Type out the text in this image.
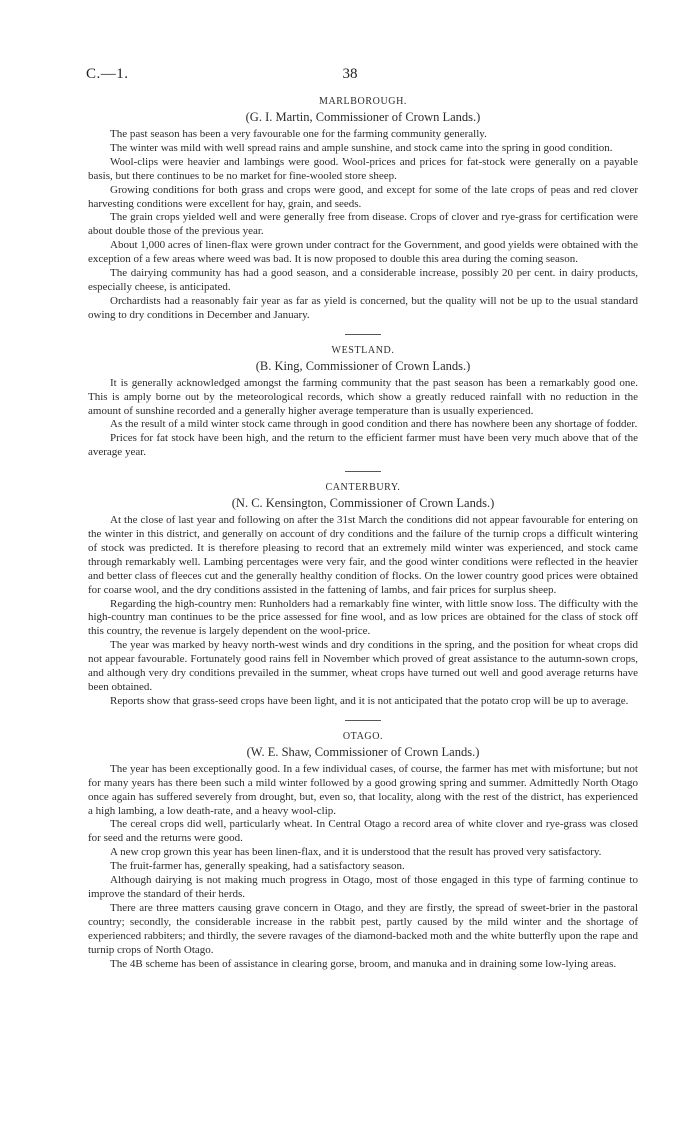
C.—1.	38
MARLBOROUGH.
(G. I. Martin, Commissioner of Crown Lands.)

The past season has been a very favourable one for the farming community generally.

The winter was mild with well spread rains and ample sunshine, and stock came into the spring in good condition.

Wool-clips were heavier and lambings were good. Wool-prices and prices for fat-stock were generally on a payable basis, but there continues to be no market for fine-wooled store sheep.

Growing conditions for both grass and crops were good, and except for some of the late crops of peas and red clover harvesting conditions were excellent for hay, grain, and seeds.

The grain crops yielded well and were generally free from disease. Crops of clover and rye-grass for certification were about double those of the previous year.

About 1,000 acres of linen-flax were grown under contract for the Government, and good yields were obtained with the exception of a few areas where weed was bad. It is now proposed to double this area during the coming season.

The dairying community has had a good season, and a considerable increase, possibly 20 per cent. in dairy products, especially cheese, is anticipated.

Orchardists had a reasonably fair year as far as yield is concerned, but the quality will not be up to the usual standard owing to dry conditions in December and January.

WESTLAND.
(B. King, Commissioner of Crown Lands.)

It is generally acknowledged amongst the farming community that the past season has been a remarkably good one. This is amply borne out by the meteorological records, which show a greatly reduced rainfall with no reduction in the amount of sunshine recorded and a generally higher average temperature than is usually experienced.

As the result of a mild winter stock came through in good condition and there has nowhere been any shortage of fodder.

Prices for fat stock have been high, and the return to the efficient farmer must have been very much above that of the average year.

CANTERBURY.
(N. C. Kensington, Commissioner of Crown Lands.)

At the close of last year and following on after the 31st March the conditions did not appear favourable for entering on the winter in this district, and generally on account of dry conditions and the failure of the turnip crops a difficult wintering of stock was predicted. It is therefore pleasing to record that an extremely mild winter was experienced, and stock came through remarkably well. Lambing percentages were very fair, and the good winter conditions were reflected in the heavier and better class of fleeces cut and the generally healthy condition of flocks. On the lower country good prices were obtained for coarse wool, and the dry conditions assisted in the fattening of lambs, and fair prices for surplus sheep.

Regarding the high-country men: Runholders had a remarkably fine winter, with little snow loss. The difficulty with the high-country man continues to be the price assessed for fine wool, and as low prices are obtained for the class of stock off this country, the revenue is largely dependent on the wool-price.

The year was marked by heavy north-west winds and dry conditions in the spring, and the position for wheat crops did not appear favourable. Fortunately good rains fell in November which proved of great assistance to the autumn-sown crops, and although very dry conditions prevailed in the summer, wheat crops have turned out well and good average returns have been obtained.

Reports show that grass-seed crops have been light, and it is not anticipated that the potato crop will be up to average.

OTAGO.
(W. E. Shaw, Commissioner of Crown Lands.)

The year has been exceptionally good. In a few individual cases, of course, the farmer has met with misfortune; but not for many years has there been such a mild winter followed by a good growing spring and summer. Admittedly North Otago once again has suffered severely from drought, but, even so, that locality, along with the rest of the district, has experienced a high lambing, a low death-rate, and a heavy wool-clip.

The cereal crops did well, particularly wheat. In Central Otago a record area of white clover and rye-grass was closed for seed and the returns were good.

A new crop grown this year has been linen-flax, and it is understood that the result has proved very satisfactory.

The fruit-farmer has, generally speaking, had a satisfactory season.

Although dairying is not making much progress in Otago, most of those engaged in this type of farming continue to improve the standard of their herds.

There are three matters causing grave concern in Otago, and they are firstly, the spread of sweet-brier in the pastoral country; secondly, the considerable increase in the rabbit pest, partly caused by the mild winter and the shortage of experienced rabbiters; and thirdly, the severe ravages of the diamond-backed moth and the white butterfly upon the rape and turnip crops of North Otago.

The 4B scheme has been of assistance in clearing gorse, broom, and manuka and in draining some low-lying areas.
